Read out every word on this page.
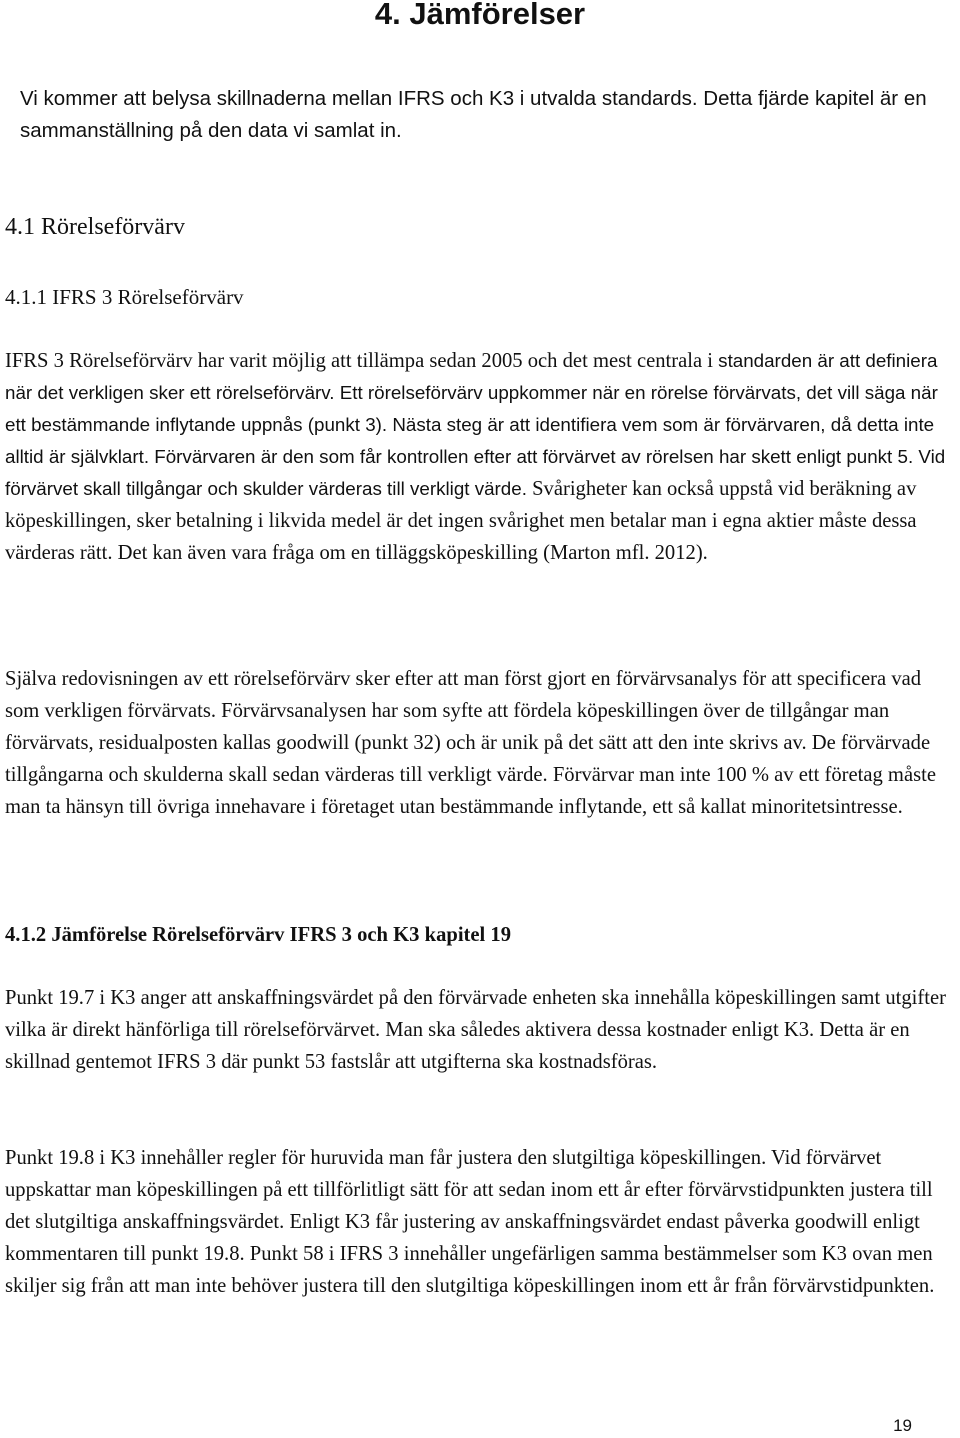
4. Jämförelser

Vi kommer att belysa skillnaderna mellan IFRS och K3 i utvalda standards. Detta fjärde kapitel är en sammanställning på den data vi samlat in.

4.1 Rörelseförvärv
4.1.1 IFRS 3 Rörelseförvärv

IFRS 3 Rörelseförvärv har varit möjlig att tillämpa sedan 2005 och det mest centrala i standarden är att definiera när det verkligen sker ett rörelseförvärv. Ett rörelseförvärv uppkommer när en rörelse förvärvats, det vill säga när ett bestämmande inflytande uppnås (punkt 3). Nästa steg är att identifiera vem som är förvärvaren, då detta inte alltid är självklart. Förvärvaren är den som får kontrollen efter att förvärvet av rörelsen har skett enligt punkt 5. Vid förvärvet skall tillgångar och skulder värderas till verkligt värde. Svårigheter kan också uppstå vid beräkning av köpeskillingen, sker betalning i likvida medel är det ingen svårighet men betalar man i egna aktier måste dessa värderas rätt. Det kan även vara fråga om en tilläggsköpeskilling (Marton mfl. 2012).

Själva redovisningen av ett rörelseförvärv sker efter att man först gjort en förvärvsanalys för att specificera vad som verkligen förvärvats. Förvärvsanalysen har som syfte att fördela köpeskillingen över de tillgångar man förvärvats, residualposten kallas goodwill (punkt 32) och är unik på det sätt att den inte skrivs av. De förvärvade tillgångarna och skulderna skall sedan värderas till verkligt värde. Förvärvar man inte 100 % av ett företag måste man ta hänsyn till övriga innehavare i företaget utan bestämmande inflytande, ett så kallat minoritetsintresse.

4.1.2 Jämförelse Rörelseförvärv IFRS 3 och K3 kapitel 19

Punkt 19.7 i K3 anger att anskaffningsvärdet på den förvärvade enheten ska innehålla köpeskillingen samt utgifter vilka är direkt hänförliga till rörelseförvärvet. Man ska således aktivera dessa kostnader enligt K3. Detta är en skillnad gentemot IFRS 3 där punkt 53 fastslår att utgifterna ska kostnadsföras.

Punkt 19.8 i K3 innehåller regler för huruvida man får justera den slutgiltiga köpeskillingen. Vid förvärvet uppskattar man köpeskillingen på ett tillförlitligt sätt för att sedan inom ett år efter förvärvstidpunkten justera till det slutgiltiga anskaffningsvärdet. Enligt K3 får justering av anskaffningsvärdet endast påverka goodwill enligt kommentaren till punkt 19.8. Punkt 58 i IFRS 3 innehåller ungefärligen samma bestämmelser som K3 ovan men skiljer sig från att man inte behöver justera till den slutgiltiga köpeskillingen inom ett år från förvärvstidpunkten.

19
